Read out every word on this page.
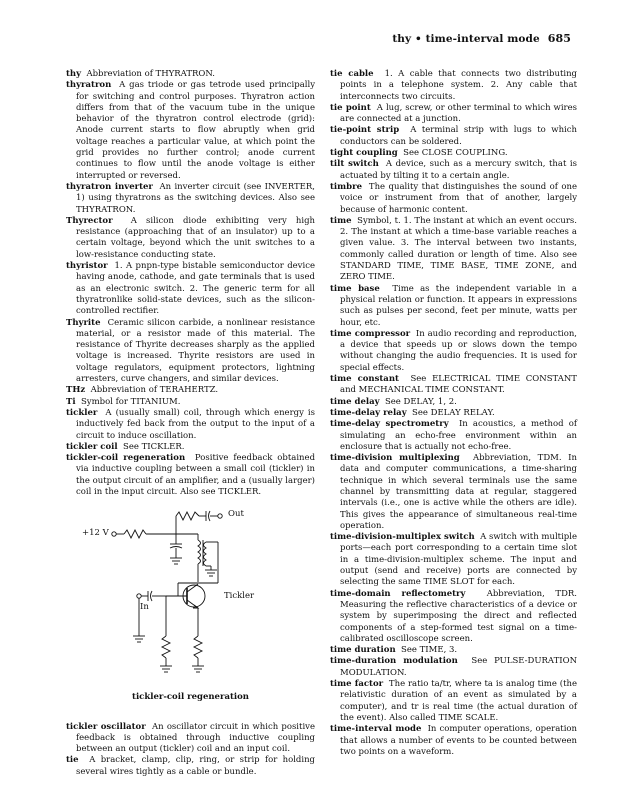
thy • time-interval mode 685

thy Abbreviation of THYRATRON.

thyratron A gas triode or gas tetrode used principally for switching and control purposes. Thyratron action differs from that of the vacuum tube in the unique behavior of the thyratron control electrode (grid): Anode current starts to flow abruptly when grid voltage reaches a particular value, at which point the grid provides no further control; anode current continues to flow until the anode voltage is either interrupted or reversed.

thyratron inverter An inverter circuit (see INVERTER, 1) using thyratrons as the switching devices. Also see THYRATRON.

Thyrector A silicon diode exhibiting very high resistance (approaching that of an insulator) up to a certain voltage, beyond which the unit switches to a low-resistance conducting state.

thyristor 1. A pnpn-type bistable semiconductor device having anode, cathode, and gate terminals that is used as an electronic switch. 2. The generic term for all thyratronlike solid-state devices, such as the silicon-controlled rectifier.

Thyrite Ceramic silicon carbide, a nonlinear resistance material, or a resistor made of this material. The resistance of Thyrite decreases sharply as the applied voltage is increased. Thyrite resistors are used in voltage regulators, equipment protectors, lightning arresters, curve changers, and similar devices.

THz Abbreviation of TERAHERTZ.

Ti Symbol for TITANIUM.

tickler A (usually small) coil, through which energy is inductively fed back from the output to the input of a circuit to induce oscillation.

tickler coil See TICKLER.

tickler-coil regeneration Positive feedback obtained via inductive coupling between a small coil (tickler) in the output circuit of an amplifier, and a (usually larger) coil in the input circuit. Also see TICKLER.

+12 V
Out
Tickler
In
tickler-coil regeneration

tickler oscillator An oscillator circuit in which positive feedback is obtained through inductive coupling between an output (tickler) coil and an input coil.

tie A bracket, clamp, clip, ring, or strip for holding several wires tightly as a cable or bundle.

tie cable 1. A cable that connects two distributing points in a telephone system. 2. Any cable that interconnects two circuits.

tie point A lug, screw, or other terminal to which wires are connected at a junction.

tie-point strip A terminal strip with lugs to which conductors can be soldered.

tight coupling See CLOSE COUPLING.

tilt switch A device, such as a mercury switch, that is actuated by tilting it to a certain angle.

timbre The quality that distinguishes the sound of one voice or instrument from that of another, largely because of harmonic content.

time Symbol, t. 1. The instant at which an event occurs. 2. The instant at which a time-base variable reaches a given value. 3. The interval between two instants, commonly called duration or length of time. Also see STANDARD TIME, TIME BASE, TIME ZONE, and ZERO TIME.

time base Time as the independent variable in a physical relation or function. It appears in expressions such as pulses per second, feet per minute, watts per hour, etc.

time compressor In audio recording and reproduction, a device that speeds up or slows down the tempo without changing the audio frequencies. It is used for special effects.

time constant See ELECTRICAL TIME CONSTANT and MECHANICAL TIME CONSTANT.

time delay See DELAY, 1, 2.

time-delay relay See DELAY RELAY.

time-delay spectrometry In acoustics, a method of simulating an echo-free environment within an enclosure that is actually not echo-free.

time-division multiplexing Abbreviation, TDM. In data and computer communications, a time-sharing technique in which several terminals use the same channel by transmitting data at regular, staggered intervals (i.e., one is active while the others are idle). This gives the appearance of simultaneous real-time operation.

time-division-multiplex switch A switch with multiple ports—each port corresponding to a certain time slot in a time-division-multiplex scheme. The input and output (send and receive) ports are connected by selecting the same TIME SLOT for each.

time-domain reflectometry Abbreviation, TDR. Measuring the reflective characteristics of a device or system by superimposing the direct and reflected components of a step-formed test signal on a time-calibrated oscilloscope screen.

time duration See TIME, 3.

time-duration modulation See PULSE-DURATION MODULATION.

time factor The ratio ta/tr, where ta is analog time (the relativistic duration of an event as simulated by a computer), and tr is real time (the actual duration of the event). Also called TIME SCALE.

time-interval mode In computer operations, operation that allows a number of events to be counted between two points on a waveform.
